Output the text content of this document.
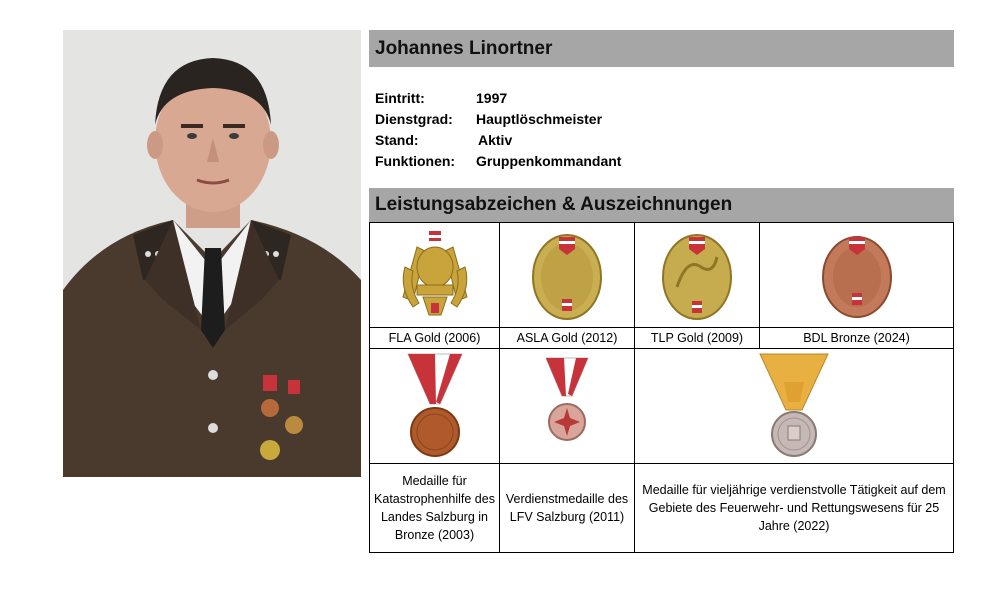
Johannes Linortner
Eintritt:	1997
Dienstgrad:	Hauptlöschmeister
Stand:	Aktiv
Funktionen:	Gruppenkommandant
Leistungsabzeichen & Auszeichnungen

FLA Gold (2006)	ASLA Gold (2012)	TLP Gold (2009)	BDL Bronze (2024)

Medaille für Katastrophenhilfe des Landes Salzburg in Bronze (2003)	Verdienstmedaille des LFV Salzburg (2011)	Medaille für vieljährige verdienstvolle Tätigkeit auf dem Gebiete des Feuerwehr- und Rettungswesens für 25 Jahre (2022)	
